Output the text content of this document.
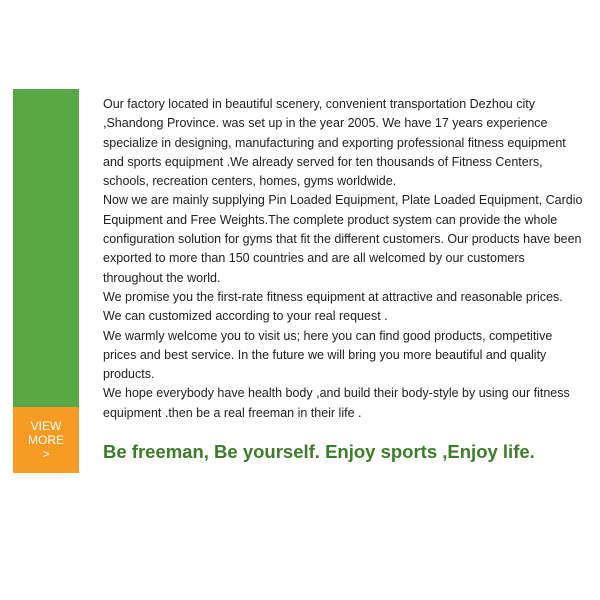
VIEW
MORE
>

Our factory located in beautiful scenery, convenient transportation Dezhou city ,Shandong Province. was set up in the year 2005. We have 17 years experience specialize in designing, manufacturing and exporting professional fitness equipment and sports equipment .We already served for ten thousands of Fitness Centers, schools, recreation centers, homes, gyms worldwide.

Now we are mainly supplying Pin Loaded Equipment, Plate Loaded Equipment, Cardio Equipment and Free Weights.The complete product system can provide the whole configuration solution for gyms that fit the different customers. Our products have been exported to more than 150 countries and are all welcomed by our customers throughout the world.

We promise you the first-rate fitness equipment at attractive and reasonable prices. We can customized according to your real request .

We warmly welcome you to visit us; here you can find good products, competitive prices and best service. In the future we will bring you more beautiful and quality products.

We hope everybody have health body ,and build their body-style by using our fitness equipment .then be a real freeman in their life .

Be freeman, Be yourself. Enjoy sports ,Enjoy life.
